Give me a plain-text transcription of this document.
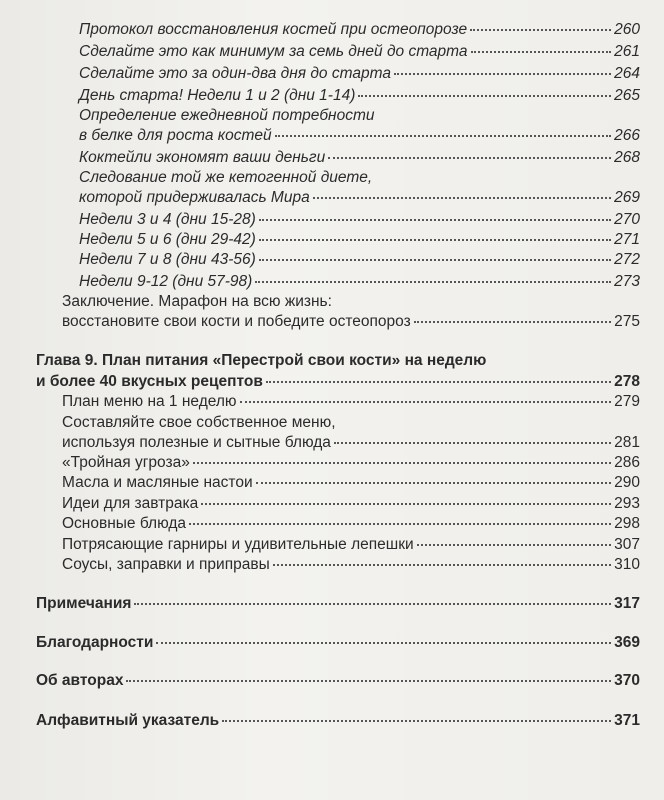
Протокол восстановления костей при остеопорозе	260
Сделайте это как минимум за семь дней до старта	261
Сделайте это за один-два дня до старта	264
День старта! Недели 1 и 2 (дни 1-14)	265
Определение ежедневной потребности
в белке для роста костей	266
Коктейли экономят ваши деньги	268
Следование той же кетогенной диете,
которой придерживалась Мира	269
Недели 3 и 4 (дни 15-28)	270
Недели 5 и 6 (дни 29-42)	271
Недели 7 и 8 (дни 43-56)	272
Недели 9-12 (дни 57-98)	273
Заключение. Марафон на всю жизнь:
восстановите свои кости и победите остеопороз	275
Глава 9. План питания «Перестрой свои кости» на неделю
и более 40 вкусных рецептов	278
План меню на 1 неделю	279
Составляйте свое собственное меню,
используя полезные и сытные блюда	281
«Тройная угроза»	286
Масла и масляные настои	290
Идеи для завтрака	293
Основные блюда	298
Потрясающие гарниры и удивительные лепешки	307
Соусы, заправки и приправы	310
Примечания	317
Благодарности	369
Об авторах	370
Алфавитный указатель	371
